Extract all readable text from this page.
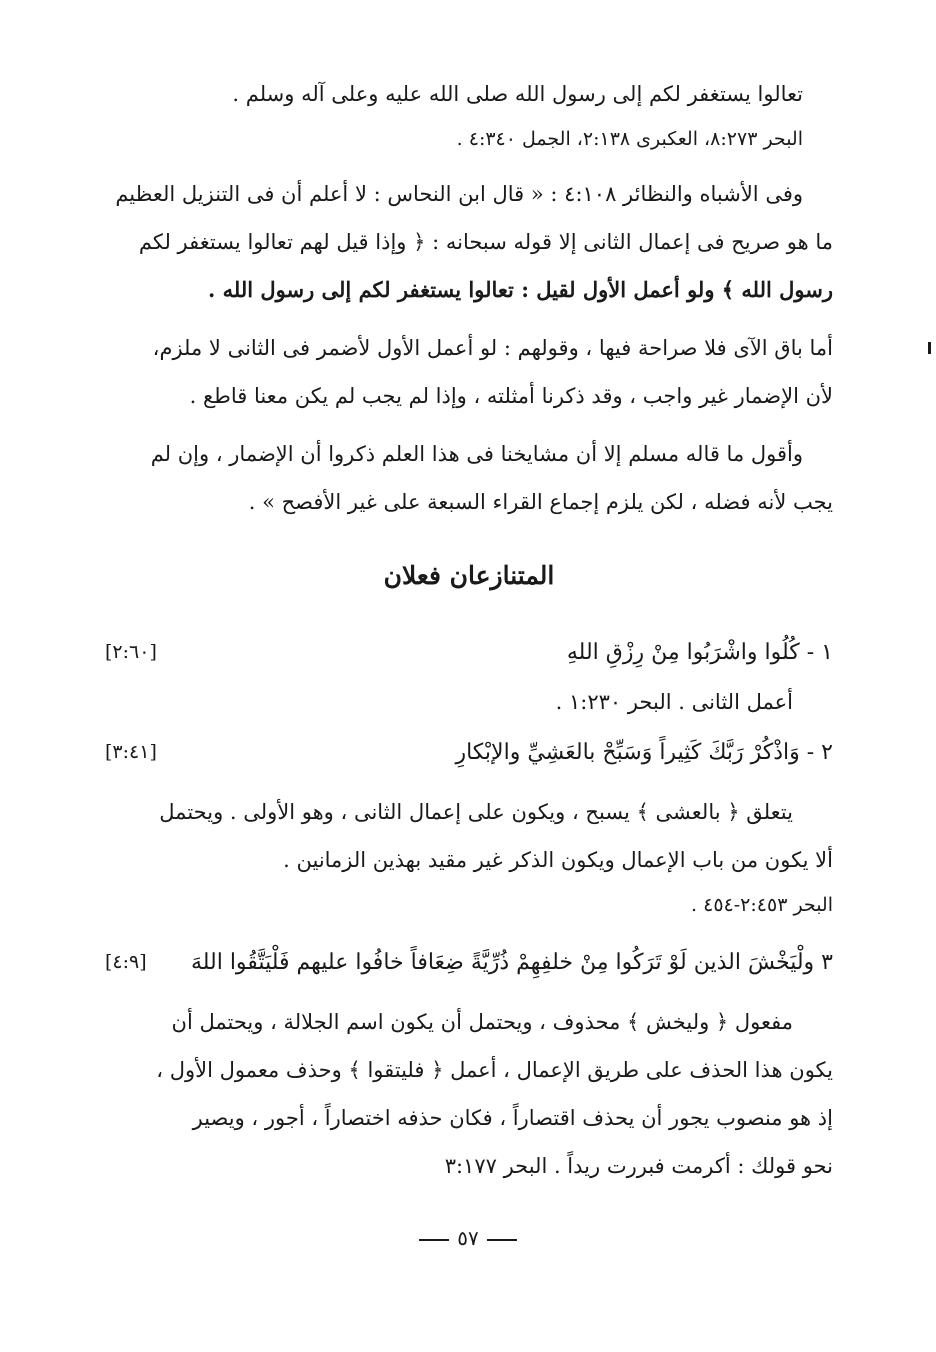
تعالوا يستغفر لكم إلى رسول الله صلى الله عليه وعلى آله وسلم .
البحر ٨:٢٧٣، العكبرى ٢:١٣٨، الجمل ٤:٣٤٠ .
وفى الأشباه والنظائر ٤:١٠٨ : « قال ابن النحاس : لا أعلم أن فى التنزيل العظيم
ما هو صريح فى إعمال الثانى إلا قوله سبحانه : ﴿ وإذا قيل لهم تعالوا يستغفر لكم
رسول الله ﴾ ولو أعمل الأول لقيل : تعالوا يستغفر لكم إلى رسول الله .
أما باق الآى فلا صراحة فيها ، وقولهم : لو أعمل الأول لأضمر فى الثانى لا ملزم،
لأن الإضمار غير واجب ، وقد ذكرنا أمثلته ، وإذا لم يجب لم يكن معنا قاطع .
وأقول ما قاله مسلم إلا أن مشايخنا فى هذا العلم ذكروا أن الإضمار ، وإن لم
يجب لأنه فضله ، لكن يلزم إجماع القراء السبعة على غير الأفصح » .
المتنازعان فعلان
١ - كُلُوا واشْرَبُوا مِنْ رِزْقِ اللهِ
[٢:٦٠]
أعمل الثانى . البحر ١:٢٣٠ .
٢ - وَاذْكُرْ رَبَّكَ كَثِيراً وَسَبِّحْ بالعَشِيِّ والإبْكارِ
[٣:٤١]
يتعلق ﴿ بالعشى ﴾ يسبح ، ويكون على إعمال الثانى ، وهو الأولى . ويحتمل
ألا يكون من باب الإعمال ويكون الذكر غير مقيد بهذين الزمانين .
البحر ٢:٤٥٣-٤٥٤ .
٣ ولْيَخْشَ الذين لَوْ تَرَكُوا مِنْ خلفِهِمْ ذُرِّيَّةً ضِعَافاً خافُوا عليهم فَلْيَتَّقُوا اللهَ
[٤:٩]
مفعول ﴿ وليخش ﴾ محذوف ، ويحتمل أن يكون اسم الجلالة ، ويحتمل أن
يكون هذا الحذف على طريق الإعمال ، أعمل ﴿ فليتقوا ﴾ وحذف معمول الأول ،
إذ هو منصوب يجور أن يحذف اقتصاراً ، فكان حذفه اختصاراً ، أجور ، ويصير
نحو قولك : أكرمت فبررت ريداً . البحر ٣:١٧٧
٥٧
